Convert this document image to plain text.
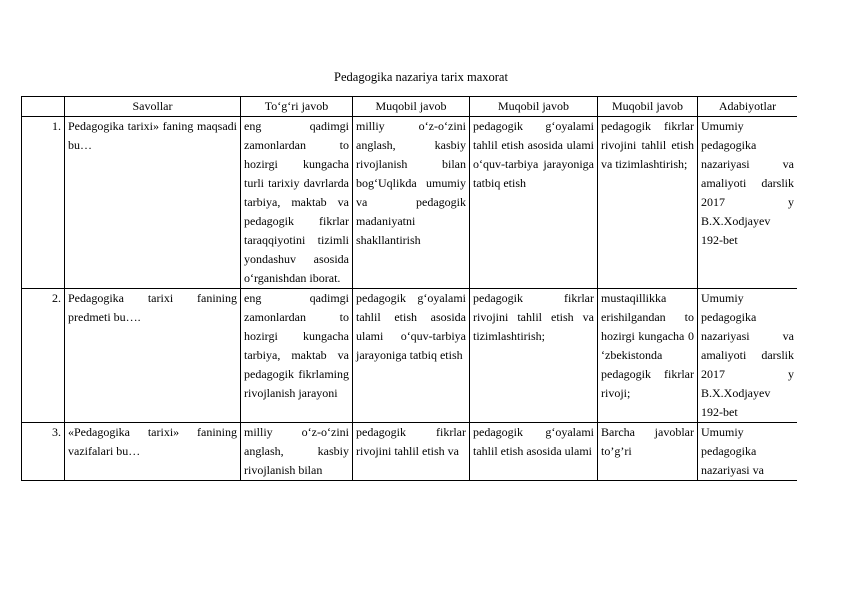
Pedagogika nazariya tarix maxorat
	Savollar	To‘g‘ri javob	Muqobil javob	Muqobil javob	Muqobil javob	Adabiyotlar
1.	Pedagogika tarixi» faning maqsadi bu…	eng qadimgi zamonlardan to hozirgi kungacha turli tarixiy davrlarda tarbiya, maktab va pedagogik fikrlar taraqqiyotini tizimli yondashuv asosida o‘rganishdan iborat.	milliy o‘z-o‘zini anglash, kasbiy rivojlanish bilan bog‘Uqlikda umumiy va pedagogik madaniyatni shakllantirish	pedagogik g‘oyalami tahlil etish asosida ulami o‘quv-tarbiya jarayoniga tatbiq etish	pedagogik fikrlar rivojini tahlil etish va tizimlashtirish;	Umumiy pedagogika nazariyasi va amaliyoti darslik 2017 y B.X.Xodjayev 192-bet
2.	Pedagogika tarixi fanining predmeti bu….	eng qadimgi zamonlardan to hozirgi kungacha tarbiya, maktab va pedagogik fikrlaming rivojlanish jarayoni	pedagogik g‘oyalami tahlil etish asosida ulami o‘quv-tarbiya jarayoniga tatbiq etish	pedagogik fikrlar rivojini tahlil etish va tizimlashtirish;	mustaqillikka erishilgandan to hozirgi kungacha 0 ‘zbekistonda pedagogik fikrlar rivoji;	Umumiy pedagogika nazariyasi va amaliyoti darslik 2017 y B.X.Xodjayev 192-bet
3.	«Pedagogika tarixi» fanining vazifalari bu…	milliy o‘z-o‘zini anglash, kasbiy rivojlanish bilan	pedagogik fikrlar rivojini tahlil etish va	pedagogik g‘oyalami tahlil etish asosida ulami	Barcha javoblar to’g’ri	Umumiy pedagogika nazariyasi va
